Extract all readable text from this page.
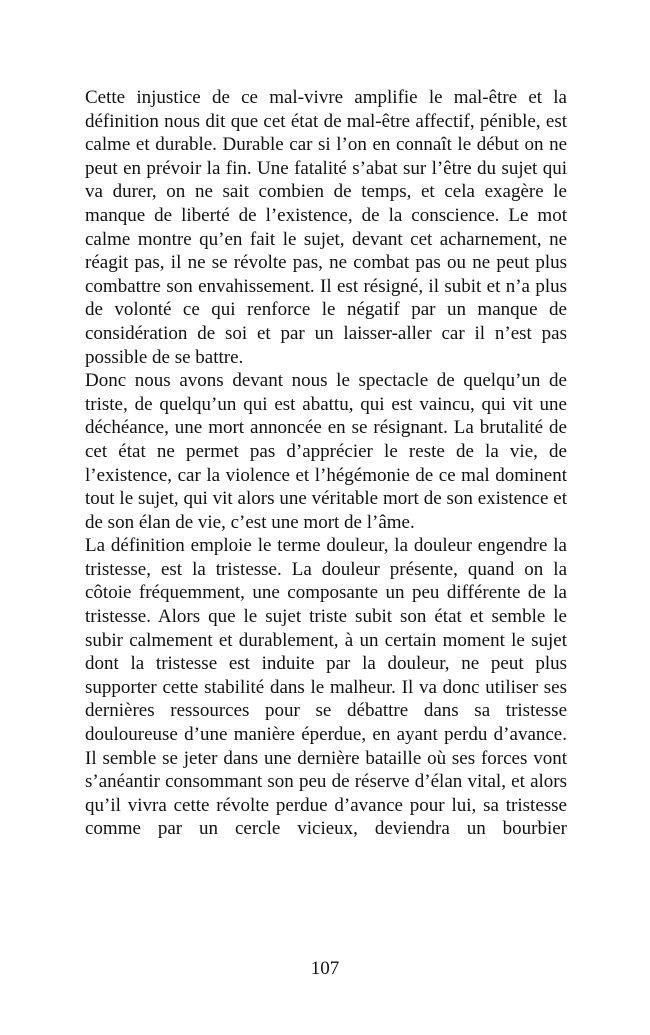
Cette injustice de ce mal-vivre amplifie le mal-être et la définition nous dit que cet état de mal-être affectif, pénible, est calme et durable. Durable car si l’on en connaît le début on ne peut en prévoir la fin. Une fatalité s’abat sur l’être du sujet qui va durer, on ne sait combien de temps, et cela exagère le manque de liberté de l’existence, de la conscience. Le mot calme montre qu’en fait le sujet, devant cet acharnement, ne réagit pas, il ne se révolte pas, ne combat pas ou ne peut plus combattre son envahissement. Il est résigné, il subit et n’a plus de volonté ce qui renforce le négatif par un manque de considération de soi et par un laisser-aller car il n’est pas possible de se battre.

Donc nous avons devant nous le spectacle de quelqu’un de triste, de quelqu’un qui est abattu, qui est vaincu, qui vit une déchéance, une mort annoncée en se résignant. La brutalité de cet état ne permet pas d’apprécier le reste de la vie, de l’existence, car la violence et l’hégémonie de ce mal dominent tout le sujet, qui vit alors une véritable mort de son existence et de son élan de vie, c’est une mort de l’âme.

La définition emploie le terme douleur, la douleur engendre la tristesse, est la tristesse. La douleur présente, quand on la côtoie fréquemment, une composante un peu différente de la tristesse. Alors que le sujet triste subit son état et semble le subir calmement et durablement, à un certain moment le sujet dont la tristesse est induite par la douleur, ne peut plus supporter cette stabilité dans le malheur. Il va donc utiliser ses dernières ressources pour se débattre dans sa tristesse douloureuse d’une manière éperdue, en ayant perdu d’avance. Il semble se jeter dans une dernière bataille où ses forces vont s’anéantir consommant son peu de réserve d’élan vital, et alors qu’il vivra cette révolte perdue d’avance pour lui, sa tristesse comme par un cercle vicieux, deviendra un bourbier

107
